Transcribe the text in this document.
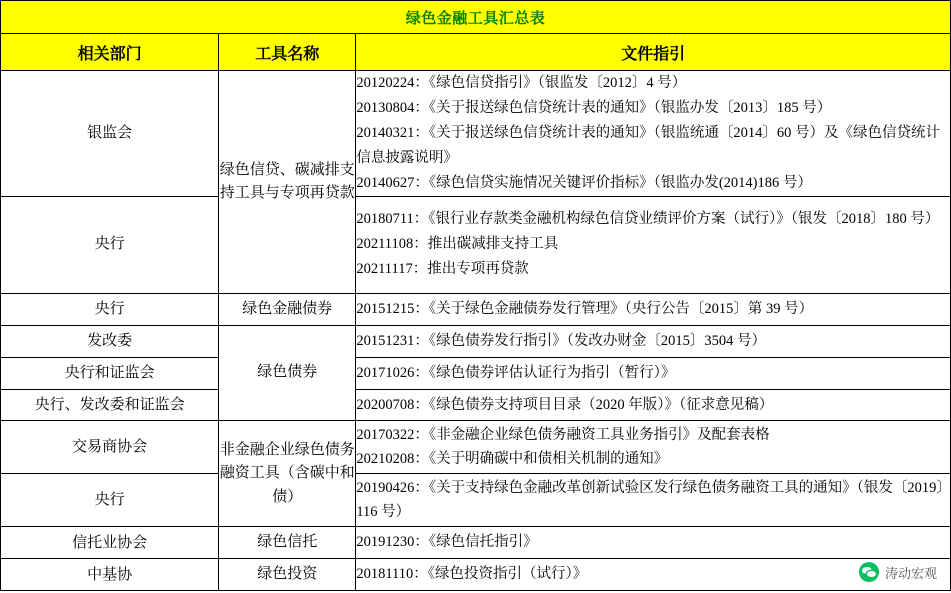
绿色金融工具汇总表		
相关部门	工具名称	文件指引
银监会	绿色信贷、碳减排支持工具与专项再贷款	20120224：《绿色信贷指引》（银监发〔2012〕4 号）
20130804：《关于报送绿色信贷统计表的通知》（银监办发〔2013〕185 号）
20140321：《关于报送绿色信贷统计表的通知》（银监统通〔2014〕60 号）及《绿色信贷统计信息披露说明》
20140627：《绿色信贷实施情况关键评价指标》（银监办发(2014)186 号）

央行		20180711：《银行业存款类金融机构绿色信贷业绩评价方案（试行）》（银发〔2018〕180 号）
20211108：推出碳减排支持工具
20211117：推出专项再贷款

央行	绿色金融债券	20151215：《关于绿色金融债券发行管理》（央行公告〔2015〕第 39 号）

发改委	绿色债券	20151231：《绿色债券发行指引》（发改办财金〔2015〕3504 号）

央行和证监会		20171026：《绿色债券评估认证行为指引（暂行）》

央行、发改委和证监会		20200708：《绿色债券支持项目目录（2020 年版）》（征求意见稿）

交易商协会	非金融企业绿色债务融资工具（含碳中和债）	20170322：《非金融企业绿色债务融资工具业务指引》及配套表格
20210208：《关于明确碳中和债相关机制的通知》

央行		20190426：《关于支持绿色金融改革创新试验区发行绿色债务融资工具的通知》（银发〔2019〕116 号）

信托业协会	绿色信托	20191230：《绿色信托指引》

中基协	绿色投资	20181110：《绿色投资指引（试行）》	涛动宏观
